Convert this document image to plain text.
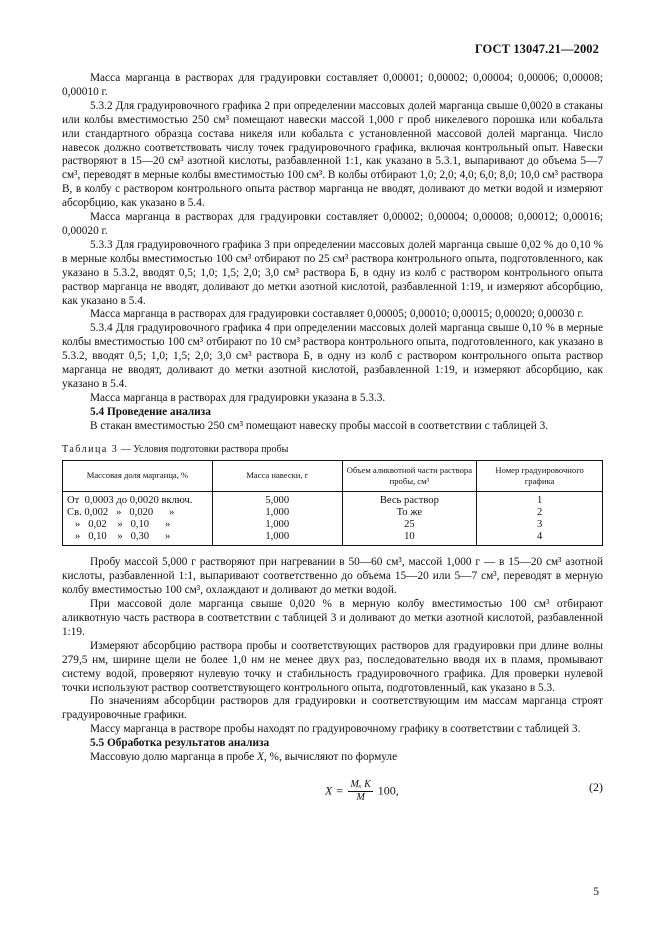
ГОСТ 13047.21—2002

Масса марганца в растворах для градуировки составляет 0,00001; 0,00002; 0,00004; 0,00006; 0,00008; 0,00010 г.

5.3.2 Для градуировочного графика 2 при определении массовых долей марганца свыше 0,0020 в стаканы или колбы вместимостью 250 см³ помещают навески массой 1,000 г проб никелевого порошка или кобальта или стандартного образца состава никеля или кобальта с установленной массовой долей марганца. Число навесок должно соответствовать числу точек градуировочного графика, включая контрольный опыт. Навески растворяют в 15—20 см³ азотной кислоты, разбавленной 1:1, как указано в 5.3.1, выпаривают до объема 5—7 см³, переводят в мерные колбы вместимостью 100 см³. В колбы отбирают 1,0; 2,0; 4,0; 6,0; 8,0; 10,0 см³ раствора В, в колбу с раствором контрольного опыта раствор марганца не вводят, доливают до метки водой и измеряют абсорбцию, как указано в 5.4.

Масса марганца в растворах для градуировки составляет 0,00002; 0,00004; 0,00008; 0,00012; 0,00016; 0,00020 г.

5.3.3 Для градуировочного графика 3 при определении массовых долей марганца свыше 0,02 % до 0,10 % в мерные колбы вместимостью 100 см³ отбирают по 25 см³ раствора контрольного опыта, подготовленного, как указано в 5.3.2, вводят 0,5; 1,0; 1,5; 2,0; 3,0 см³ раствора Б, в одну из колб с раствором контрольного опыта раствор марганца не вводят, доливают до метки азотной кислотой, разбавленной 1:19, и измеряют абсорбцию, как указано в 5.4.

Масса марганца в растворах для градуировки составляет 0,00005; 0,00010; 0,00015; 0,00020; 0,00030 г.

5.3.4 Для градуировочного графика 4 при определении массовых долей марганца свыше 0,10 % в мерные колбы вместимостью 100 см³ отбирают по 10 см³ раствора контрольного опыта, подготовленного, как указано в 5.3.2, вводят 0,5; 1,0; 1,5; 2,0; 3,0 см³ раствора Б, в одну из колб с раствором контрольного опыта раствор марганца не вводят, доливают до метки азотной кислотой, разбавленной 1:19, и измеряют абсорбцию, как указано в 5.4.

Масса марганца в растворах для градуировки указана в 5.3.3.

5.4 Проведение анализа

В стакан вместимостью 250 см³ помещают навеску пробы массой в соответствии с таблицей 3.

Таблица 3 — Условия подготовки раствора пробы

Массовая доля марганца, %	Масса навески, г	Объем аликвотной части раствора пробы, см³	Номер градуировочного графика
От  0,0003 до 0,0020 включ.	5,000	Весь раствор	1
Св. 0,002   »   0,020      »	1,000	То же	2
»   0,02    »   0,10      »	1,000	25	3
»   0,10    »   0,30      »	1,000	10	4

Пробу массой 5,000 г растворяют при нагревании в 50—60 см³, массой 1,000 г — в 15—20 см³ азотной кислоты, разбавленной 1:1, выпаривают соответственно до объема 15—20 или 5—7 см³, переводят в мерную колбу вместимостью 100 см³, охлаждают и доливают до метки водой.

При массовой доле марганца свыше 0,020 % в мерную колбу вместимостью 100 см³ отбирают аликвотную часть раствора в соответствии с таблицей 3 и доливают до метки азотной кислотой, разбавленной 1:19.

Измеряют абсорбцию раствора пробы и соответствующих растворов для градуировки при длине волны 279,5 нм, ширине щели не более 1,0 нм не менее двух раз, последовательно вводя их в пламя, промывают систему водой, проверяют нулевую точку и стабильность градуировочного графика. Для проверки нулевой точки используют раствор соответствующего контрольного опыта, подготовленный, как указано в 5.3.

По значениям абсорбции растворов для градуировки и соответствующим им массам марганца строят градуировочные графики.

Массу марганца в растворе пробы находят по градуировочному графику в соответствии с таблицей 3.

5.5 Обработка результатов анализа

Массовую долю марганца в пробе X, %, вычисляют по формуле

$X = \frac{\text{Mₓ K}}{M} 100$,	(2)
5
